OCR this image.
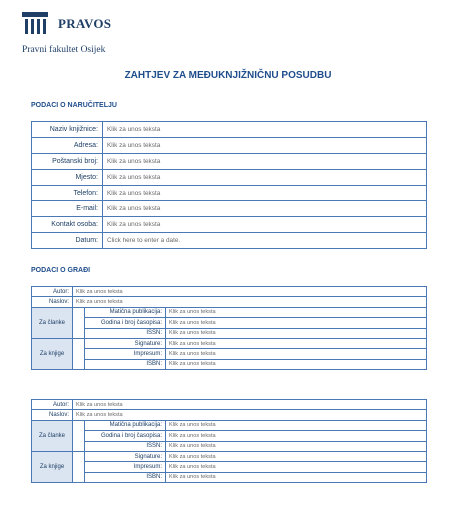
PRAVOS
Pravni fakultet Osijek
ZAHTJEV ZA MEĐUKNJIŽNIČNU POSUDBU
PODACI O NARUČITELJU
Naziv knjižnice:	Klik za unos teksta
Adresa:	Klik za unos teksta
Poštanski broj:	Klik za unos teksta
Mjesto:	Klik za unos teksta
Telefon:	Klik za unos teksta
E-mail:	Klik za unos teksta
Kontakt osoba:	Klik za unos teksta
Datum:	Click here to enter a date.
PODACI O GRAĐI
Autor:	Klik za unos teksta		
Naslov:	Klik za unos teksta		
Za članke		Matična publikacija:	Klik za unos teksta
		Godina i broj časopisa:	Klik za unos teksta
		ISSN:	Klik za unos teksta
Za knjige		Signature:	Klik za unos teksta
		Impresum:	Klik za unos teksta
		ISBN:	Klik za unos teksta
Autor:	Klik za unos teksta		
Naslov:	Klik za unos teksta		
Za članke		Matična publikacija:	Klik za unos teksta
		Godina i broj časopisa:	Klik za unos teksta
		ISSN:	Klik za unos teksta
Za knjige		Signature:	Klik za unos teksta
		Impresum:	Klik za unos teksta
		ISBN:	Klik za unos teksta
